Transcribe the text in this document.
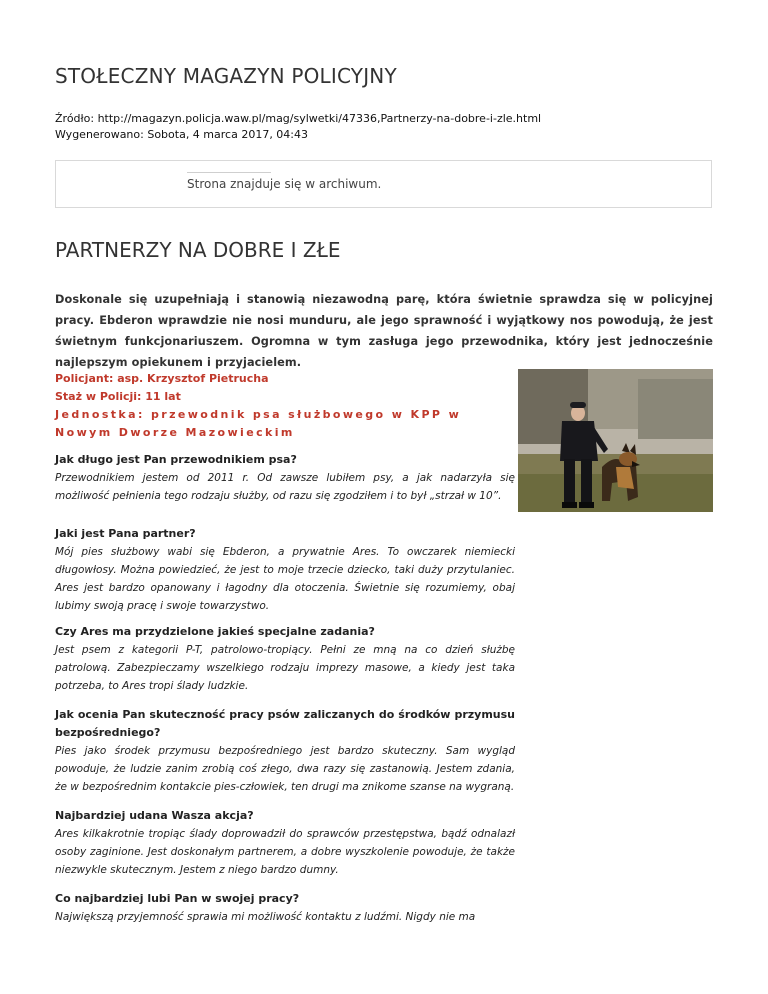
STOŁECZNY MAGAZYN POLICYJNY
Źródło: http://magazyn.policja.waw.pl/mag/sylwetki/47336,Partnerzy-na-dobre-i-zle.html
Wygenerowano: Sobota, 4 marca 2017, 04:43
Strona znajduje się w archiwum.
PARTNERZY NA DOBRE I ZŁE

Doskonale się uzupełniają i stanowią niezawodną parę, która świetnie sprawdza się w policyjnej pracy. Ebderon wprawdzie nie nosi munduru, ale jego sprawność i wyjątkowy nos powodują, że jest świetnym funkcjonariuszem. Ogromna w tym zasługa jego przewodnika, który jest jednocześnie najlepszym opiekunem i przyjacielem.

Policjant: asp. Krzysztof Pietrucha

Staż w Policji: 11 lat

Jednostka: przewodnik psa służbowego w KPP w Nowym Dworze Mazowieckim

Jak długo jest Pan przewodnikiem psa?

Przewodnikiem jestem od 2011 r. Od zawsze lubiłem psy, a jak nadarzyła się możliwość pełnienia tego rodzaju służby, od razu się zgodziłem i to był „strzał w 10”.

Jaki jest Pana partner?

Mój pies służbowy wabi się Ebderon, a prywatnie Ares. To owczarek niemiecki długowłosy. Można powiedzieć, że jest to moje trzecie dziecko, taki duży przytulaniec. Ares jest bardzo opanowany i łagodny dla otoczenia. Świetnie się rozumiemy, obaj lubimy swoją pracę i swoje towarzystwo.

Czy Ares ma przydzielone jakieś specjalne zadania?

Jest psem z kategorii P-T, patrolowo-tropiący. Pełni ze mną na co dzień służbę patrolową. Zabezpieczamy wszelkiego rodzaju imprezy masowe, a kiedy jest taka potrzeba, to Ares tropi ślady ludzkie.

Jak ocenia Pan skuteczność pracy psów zaliczanych do środków przymusu bezpośredniego?

Pies jako środek przymusu bezpośredniego jest bardzo skuteczny. Sam wygląd powoduje, że ludzie zanim zrobią coś złego, dwa razy się zastanowią. Jestem zdania, że w bezpośrednim kontakcie pies-człowiek, ten drugi ma znikome szanse na wygraną.

Najbardziej udana Wasza akcja?

Ares kilkakrotnie tropiąc ślady doprowadził do sprawców przestępstwa, bądź odnalazł osoby zaginione. Jest doskonałym partnerem, a dobre wyszkolenie powoduje, że także niezwykle skutecznym. Jestem z niego bardzo dumny.

Co najbardziej lubi Pan w swojej pracy?

Największą przyjemność sprawia mi możliwość kontaktu z ludźmi. Nigdy nie ma
